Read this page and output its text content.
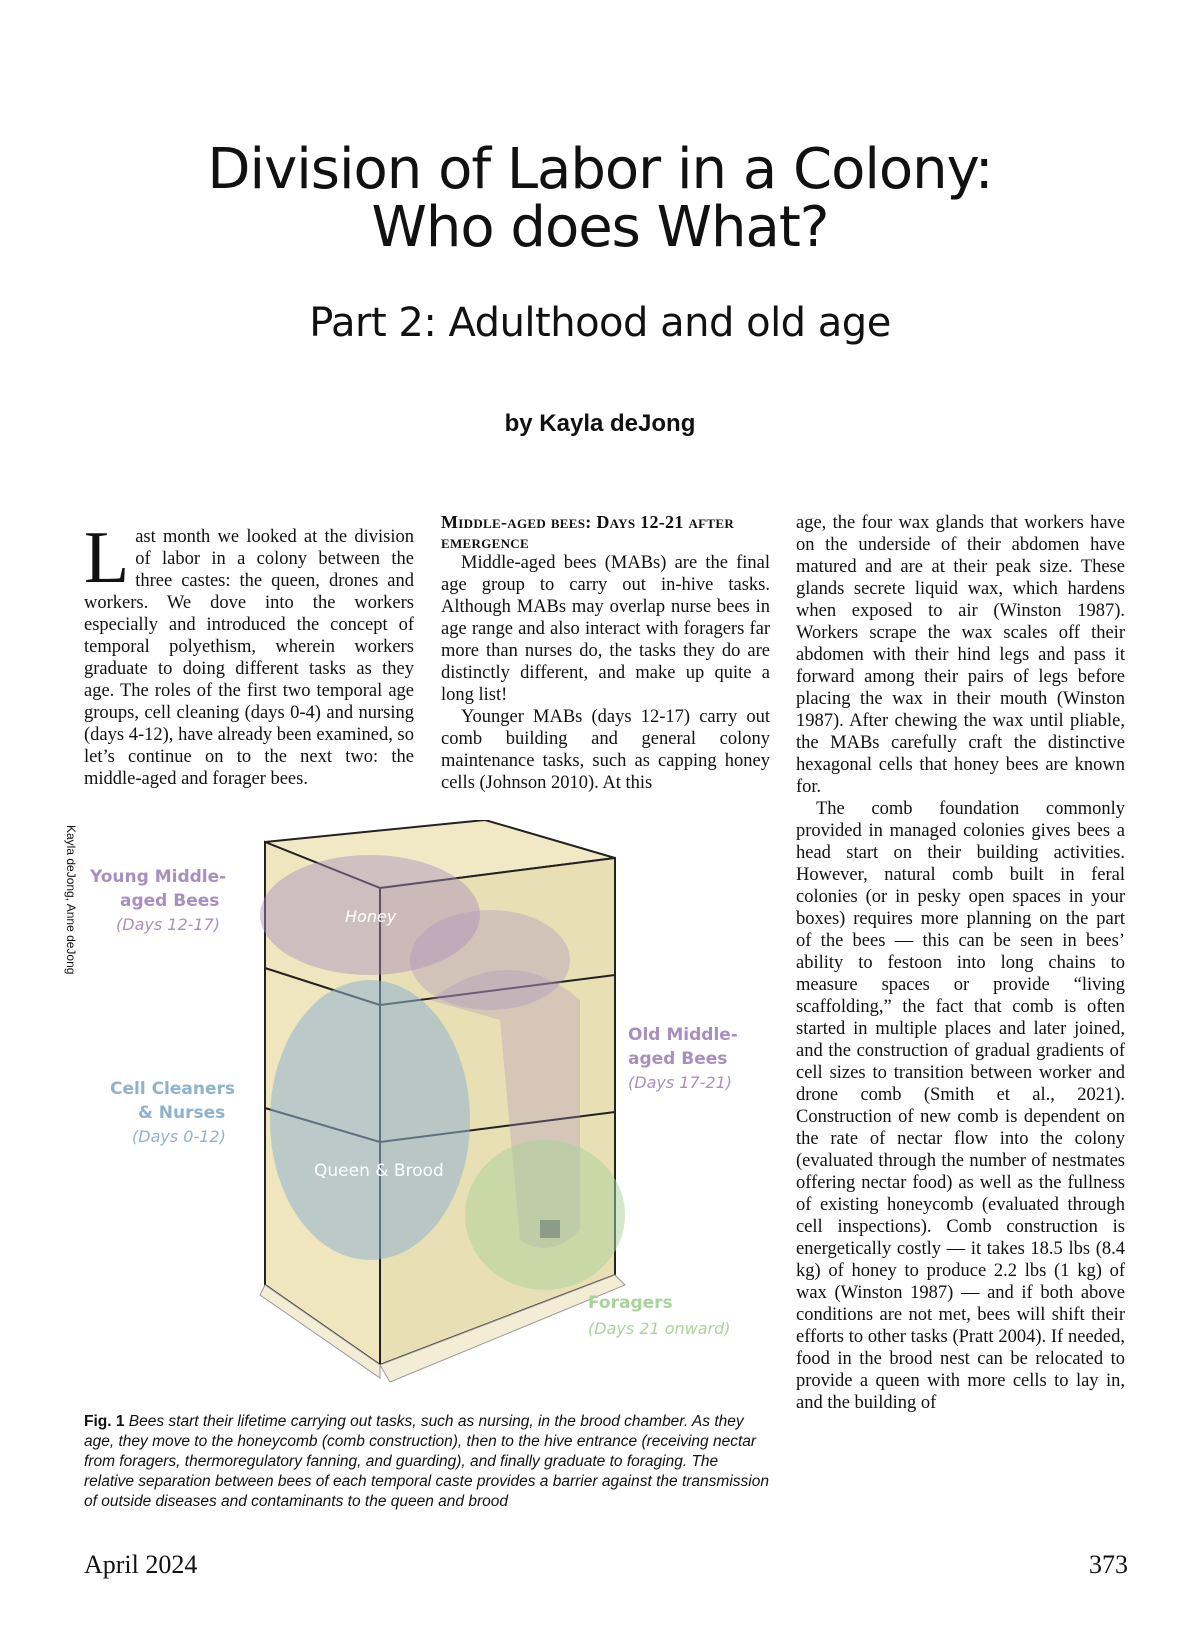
Division of Labor in a Colony:
Who does What?
Part 2: Adulthood and old age
by Kayla deJong
L ast month we looked at the division of labor in a colony between the three castes: the queen, drones and workers. We dove into the workers especially and introduced the concept of temporal polyethism, wherein workers graduate to doing different tasks as they age. The roles of the first two temporal age groups, cell cleaning (days 0-4) and nursing (days 4-12), have already been examined, so let’s continue on to the next two: the middle-aged and forager bees.

Middle-aged bees: Days 12-21 after emergence

Middle-aged bees (MABs) are the final age group to carry out in-hive tasks. Although MABs may overlap nurse bees in age range and also interact with foragers far more than nurses do, the tasks they do are distinctly different, and make up quite a long list!

Younger MABs (days 12-17) carry out comb building and general colony maintenance tasks, such as capping honey cells (Johnson 2010). At this

age, the four wax glands that workers have on the underside of their abdomen have matured and are at their peak size. These glands secrete liquid wax, which hardens when exposed to air (Winston 1987). Workers scrape the wax scales off their abdomen with their hind legs and pass it forward among their pairs of legs before placing the wax in their mouth (Winston 1987). After chewing the wax until pliable, the MABs carefully craft the distinctive hexagonal cells that honey bees are known for.

The comb foundation commonly provided in managed colonies gives bees a head start on their building activities. However, natural comb built in feral colonies (or in pesky open spaces in your boxes) requires more planning on the part of the bees — this can be seen in bees’ ability to festoon into long chains to measure spaces or provide “living scaffolding,” the fact that comb is often started in multiple places and later joined, and the construction of gradual gradients of cell sizes to transition between worker and drone comb (Smith et al., 2021). Construction of new comb is dependent on the rate of nectar flow into the colony (evaluated through the number of nestmates offering nectar food) as well as the fullness of existing honeycomb (evaluated through cell inspections). Comb construction is energetically costly — it takes 18.5 lbs (8.4 kg) of honey to produce 2.2 lbs (1 kg) of wax (Winston 1987) — and if both above conditions are not met, bees will shift their efforts to other tasks (Pratt 2004). If needed, food in the brood nest can be relocated to provide a queen with more cells to lay in, and the building of

Kayla deJong, Anne deJong Young Middle-
aged Bees
(Days 12-17)	Honey
Old Middle-
aged Bees
(Days 17-21)
Cell Cleaners
& Nurses
(Days 0-12)
Queen & Brood
Foragers
(Days 21 onward)
Fig. 1 Bees start their lifetime carrying out tasks, such as nursing, in the brood chamber. As they age, they move to the honeycomb (comb construction), then to the hive entrance (receiving nectar from foragers, thermoregulatory fanning, and guarding), and finally graduate to foraging. The relative separation between bees of each temporal caste provides a barrier against the transmission of outside diseases and contaminants to the queen and brood
April 2024	373
